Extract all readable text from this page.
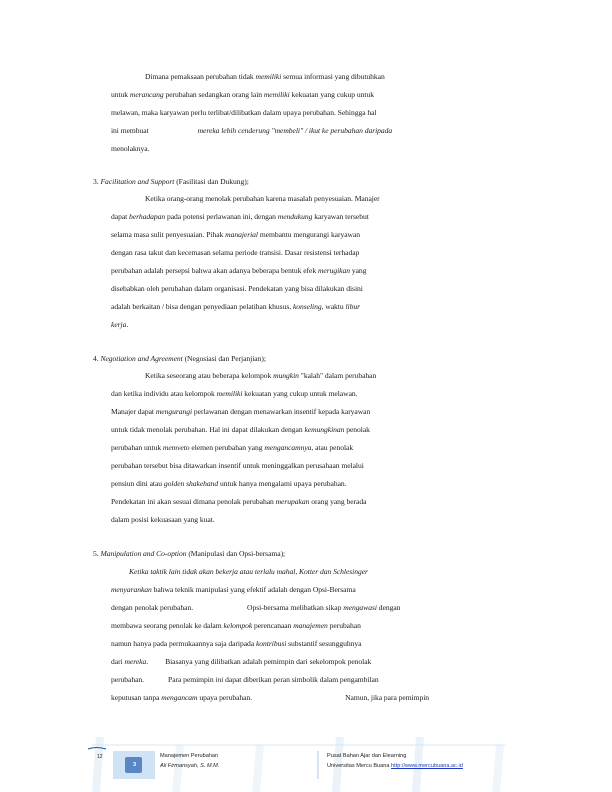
Dimana pemaksaan perubahan tidak memiliki semua informasi yang dibutuhkan
untuk merancang perubahan sedangkan orang lain memiliki kekuatan yang cukup untuk
melawan, maka karyawan perlu terlibat/dilibatkan dalam upaya perubahan. Sehingga hal
ini membuat	mereka lebih cenderung "membeli" / ikut ke perubahan daripada
menolaknya.
3. Facilitation and Support (Fasilitasi dan Dukung);
Ketika orang-orang menolak perubahan karena masalah penyesuaian. Manajer
dapat berhadapan pada potensi perlawanan ini, dengan mendukung karyawan tersebut
selama masa sulit penyesuaian. Pihak manajerial membantu mengurangi karyawan
dengan rasa takut dan kecemasan selama periode transisi. Dasar resistensi terhadap
perubahan adalah persepsi bahwa akan adanya beberapa bentuk efek merugikan yang
disebabkan oleh perubahan dalam organisasi. Pendekatan yang bisa dilakukan disini
adalah berkaitan / bisa dengan penyediaan pelatihan khusus, konseling, waktu libur
kerja.
4. Negotiation and Agreement (Negosiasi dan Perjanjian);
Ketika seseorang atau beberapa kelompok mungkin "kalah" dalam perubahan
dan ketika individu atau kelompok memiliki kekuatan yang cukup untuk melawan.
Manajer dapat mengurangi perlawanan dengan menawarkan insentif kepada karyawan
untuk tidak menolak perubahan. Hal ini dapat dilakukan dengan kemungkinan penolak
perubahan untuk memveto elemen perubahan yang mengancamnya, atau penolak
perubahan tersebut bisa ditawarkan insentif untuk meninggalkan perusahaan melalui
pensiun dini atau golden shakehand untuk hanya mengalami upaya perubahan.
Pendekatan ini akan sesuai dimana penolak perubahan merupakan orang yang berada
dalam posisi kekuasaan yang kuat.
5. Manipulation and Co-option (Manipulasi dan Opsi-bersama);
Ketika taktik lain tidak akan bekerja atau terlalu mahal, Kotter dan Schlesinger
menyarankan bahwa teknik manipulasi yang efektif adalah dengan Opsi-Bersama
dengan penolak perubahan.	Opsi-bersama melibatkan sikap mengawasi dengan
membawa seorang penolak ke dalam kelompok perencanaan manajemen perubahan
namun hanya pada permukaannya saja daripada kontribusi substantif sesungguhnya
dari mereka. Biasanya yang dilibatkan adalah pemimpin dari sekelompok penolak
perubahan.	Para pemimpin ini dapat diberikan peran simbolik dalam pengambilan
keputusan tanpa mengancam upaya perubahan.	Namun, jika para pemimpin
12
3
Manajemen Perubahan
Ali Firmansyah, S. M.M.
Pusat Bahan Ajar dan Elearning
Universitas Mercu Buana http://www.mercubuana.ac.id
